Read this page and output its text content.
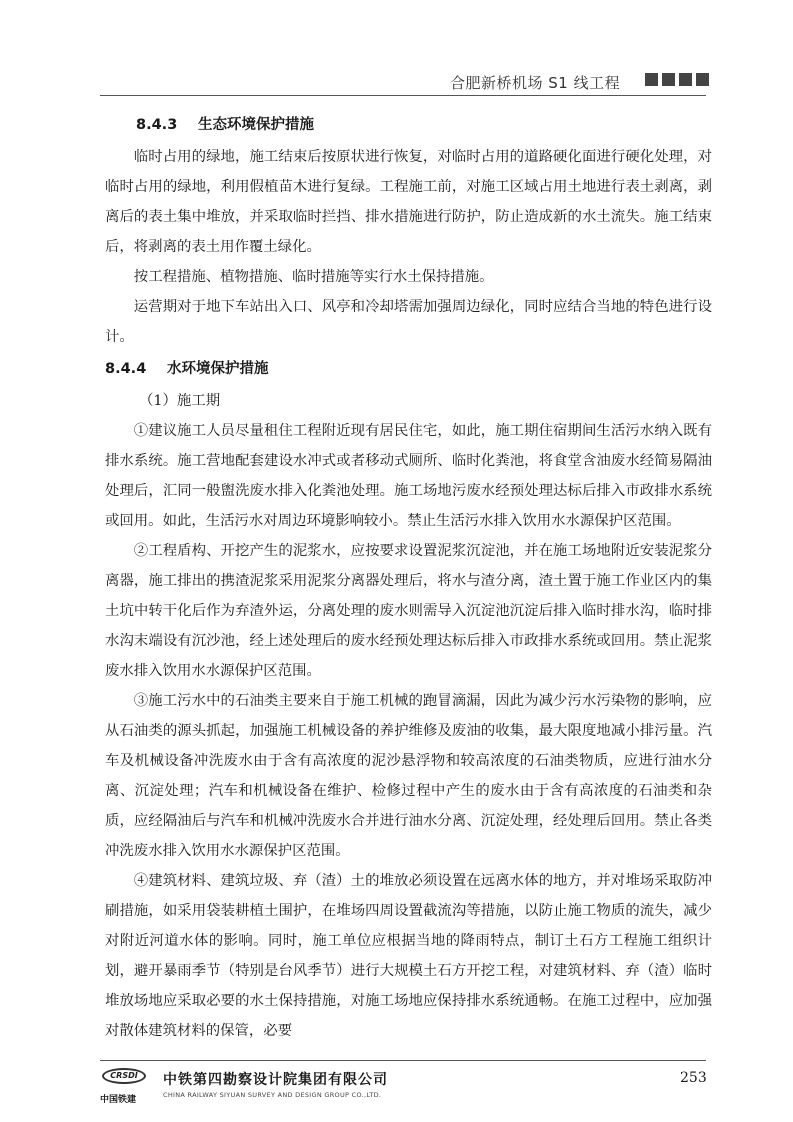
合肥新桥机场 S1 线工程
8.4.3 生态环境保护措施

临时占用的绿地，施工结束后按原状进行恢复，对临时占用的道路硬化面进行硬化处理，对临时占用的绿地，利用假植苗木进行复绿。工程施工前，对施工区域占用土地进行表土剥离，剥离后的表土集中堆放，并采取临时拦挡、排水措施进行防护，防止造成新的水土流失。施工结束后，将剥离的表土用作覆土绿化。

按工程措施、植物措施、临时措施等实行水土保持措施。

运营期对于地下车站出入口、风亭和冷却塔需加强周边绿化，同时应结合当地的特色进行设计。

8.4.4 水环境保护措施

（1）施工期

①建议施工人员尽量租住工程附近现有居民住宅，如此，施工期住宿期间生活污水纳入既有排水系统。施工营地配套建设水冲式或者移动式厕所、临时化粪池，将食堂含油废水经简易隔油处理后，汇同一般盥洗废水排入化粪池处理。施工场地污废水经预处理达标后排入市政排水系统或回用。如此，生活污水对周边环境影响较小。禁止生活污水排入饮用水水源保护区范围。

②工程盾构、开挖产生的泥浆水，应按要求设置泥浆沉淀池，并在施工场地附近安装泥浆分离器，施工排出的携渣泥浆采用泥浆分离器处理后，将水与渣分离，渣土置于施工作业区内的集土坑中转干化后作为弃渣外运，分离处理的废水则需导入沉淀池沉淀后排入临时排水沟，临时排水沟末端设有沉沙池，经上述处理后的废水经预处理达标后排入市政排水系统或回用。禁止泥浆废水排入饮用水水源保护区范围。

③施工污水中的石油类主要来自于施工机械的跑冒滴漏，因此为减少污水污染物的影响，应从石油类的源头抓起，加强施工机械设备的养护维修及废油的收集，最大限度地减小排污量。汽车及机械设备冲洗废水由于含有高浓度的泥沙悬浮物和较高浓度的石油类物质，应进行油水分离、沉淀处理；汽车和机械设备在维护、检修过程中产生的废水由于含有高浓度的石油类和杂质，应经隔油后与汽车和机械冲洗废水合并进行油水分离、沉淀处理，经处理后回用。禁止各类冲洗废水排入饮用水水源保护区范围。

④建筑材料、建筑垃圾、弃（渣）土的堆放必须设置在远离水体的地方，并对堆场采取防冲刷措施，如采用袋装耕植土围护，在堆场四周设置截流沟等措施，以防止施工物质的流失，减少对附近河道水体的影响。同时，施工单位应根据当地的降雨特点，制订土石方工程施工组织计划，避开暴雨季节（特别是台风季节）进行大规模土石方开挖工程，对建筑材料、弃（渣）临时堆放场地应采取必要的水土保持措施，对施工场地应保持排水系统通畅。在施工过程中，应加强对散体建筑材料的保管，必要

CRSDI
中国铁建
中铁第四勘察设计院集团有限公司
CHINA RAILWAY SIYUAN SURVEY AND DESIGN GROUP CO.,LTD.
253
